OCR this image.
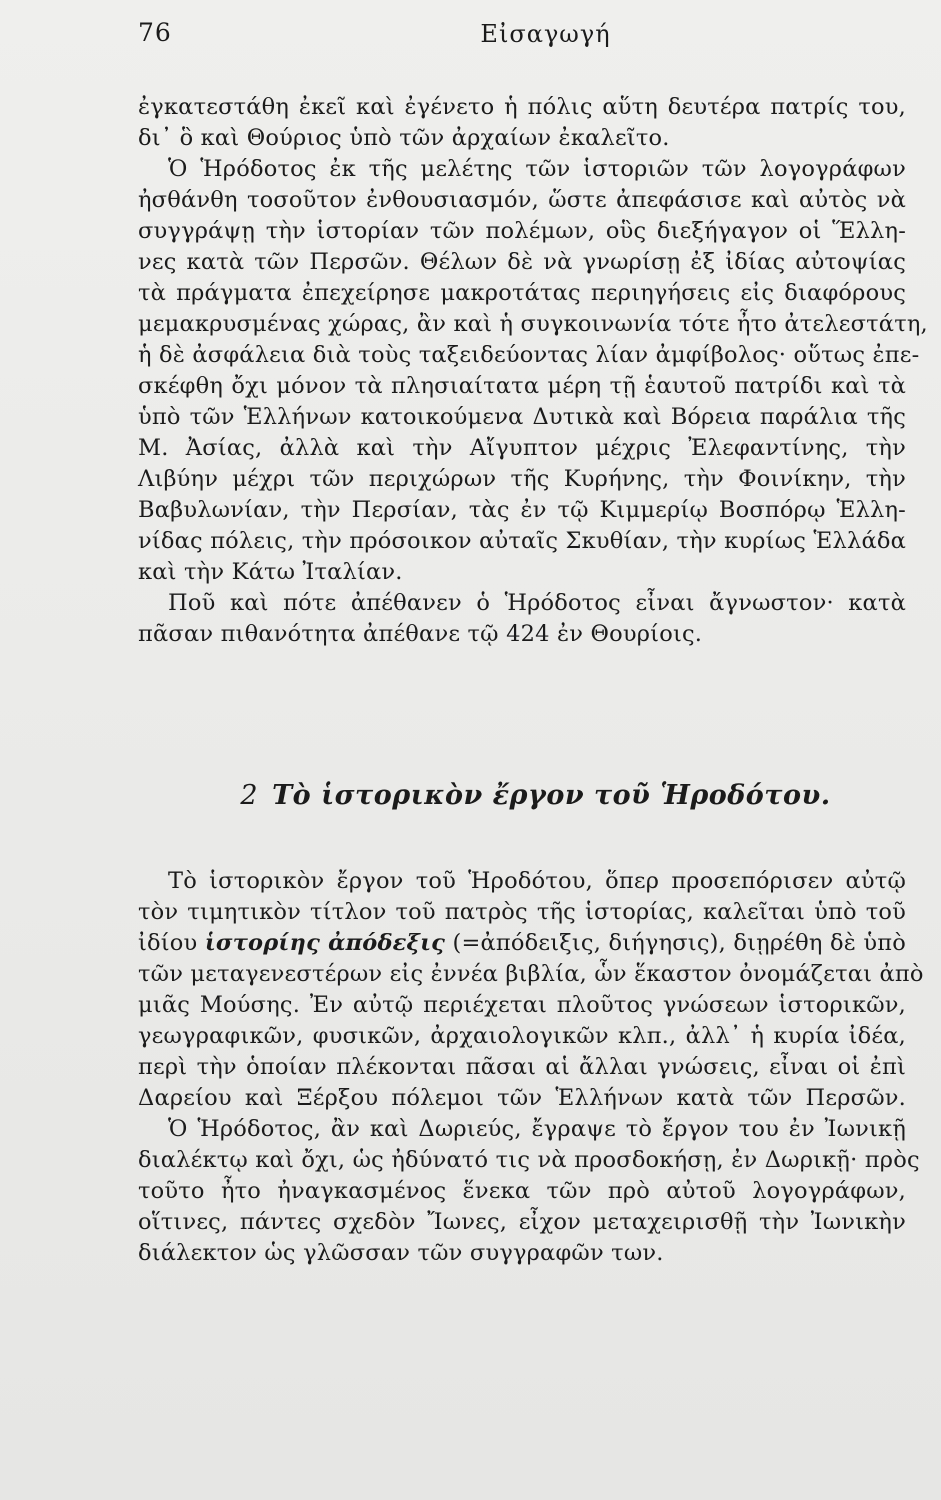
76	Εἰσαγωγή
ἐγκατεστάθη ἐκεῖ καὶ ἐγένετο ἡ πόλις αὕτη δευτέρα πατρίς του,
δι᾽ ὃ καὶ Θούριος ὑπὸ τῶν ἀρχαίων ἐκαλεῖτο.
Ὁ Ἡρόδοτος ἐκ τῆς μελέτης τῶν ἱστοριῶν τῶν λογογράφων
ἠσθάνθη τοσοῦτον ἐνθουσιασμόν, ὥστε ἀπεφάσισε καὶ αὐτὸς νὰ
συγγράψῃ τὴν ἱστορίαν τῶν πολέμων, οὓς διεξήγαγον οἱ Ἕλλη-
νες κατὰ τῶν Περσῶν. Θέλων δὲ νὰ γνωρίσῃ ἐξ ἰδίας αὐτοψίας
τὰ πράγματα ἐπεχείρησε μακροτάτας περιηγήσεις εἰς διαφόρους
μεμακρυσμένας χώρας, ἂν καὶ ἡ συγκοινωνία τότε ἦτο ἀτελεστάτη,
ἡ δὲ ἀσφάλεια διὰ τοὺς ταξειδεύοντας λίαν ἀμφίβολος· οὕτως ἐπε-
σκέφθη ὄχι μόνον τὰ πλησιαίτατα μέρη τῇ ἑαυτοῦ πατρίδι καὶ τὰ
ὑπὸ τῶν Ἑλλήνων κατοικούμενα Δυτικὰ καὶ Βόρεια παράλια τῆς
Μ. Ἀσίας, ἀλλὰ καὶ τὴν Αἴγυπτον μέχρις Ἐλεφαντίνης, τὴν
Λιβύην μέχρι τῶν περιχώρων τῆς Κυρήνης, τὴν Φοινίκην, τὴν
Βαβυλωνίαν, τὴν Περσίαν, τὰς ἐν τῷ Κιμμερίῳ Βοσπόρῳ Ἑλλη-
νίδας πόλεις, τὴν πρόσοικον αὐταῖς Σκυθίαν, τὴν κυρίως Ἑλλάδα
καὶ τὴν Κάτω Ἰταλίαν.
Ποῦ καὶ πότε ἀπέθανεν ὁ Ἡρόδοτος εἶναι ἄγνωστον· κατὰ
πᾶσαν πιθανότητα ἀπέθανε τῷ 424 ἐν Θουρίοις.
2 Τὸ ἱστορικὸν ἔργον τοῦ Ἡροδότου.
Τὸ ἱστορικὸν ἔργον τοῦ Ἡροδότου, ὅπερ προσεπόρισεν αὐτῷ
τὸν τιμητικὸν τίτλον τοῦ πατρὸς τῆς ἱστορίας, καλεῖται ὑπὸ τοῦ
ἰδίου ἱστορίης ἀπόδεξις (=ἀπόδειξις, διήγησις), διῃρέθη δὲ ὑπὸ
τῶν μεταγενεστέρων εἰς ἐννέα βιβλία, ὧν ἕκαστον ὀνομάζεται ἀπὸ
μιᾶς Μούσης. Ἐν αὐτῷ περιέχεται πλοῦτος γνώσεων ἱστορικῶν,
γεωγραφικῶν, φυσικῶν, ἀρχαιολογικῶν κλπ., ἀλλ᾽ ἡ κυρία ἰδέα,
περὶ τὴν ὁποίαν πλέκονται πᾶσαι αἱ ἄλλαι γνώσεις, εἶναι οἱ ἐπὶ
Δαρείου καὶ Ξέρξου πόλεμοι τῶν Ἑλλήνων κατὰ τῶν Περσῶν.
Ὁ Ἡρόδοτος, ἂν καὶ Δωριεύς, ἔγραψε τὸ ἔργον του ἐν Ἰωνικῇ
διαλέκτῳ καὶ ὄχι, ὡς ἠδύνατό τις νὰ προσδοκήσῃ, ἐν Δωρικῇ· πρὸς
τοῦτο ἦτο ἠναγκασμένος ἕνεκα τῶν πρὸ αὐτοῦ λογογράφων,
οἵτινες, πάντες σχεδὸν Ἴωνες, εἶχον μεταχειρισθῇ τὴν Ἰωνικὴν
διάλεκτον ὡς γλῶσσαν τῶν συγγραφῶν των.
